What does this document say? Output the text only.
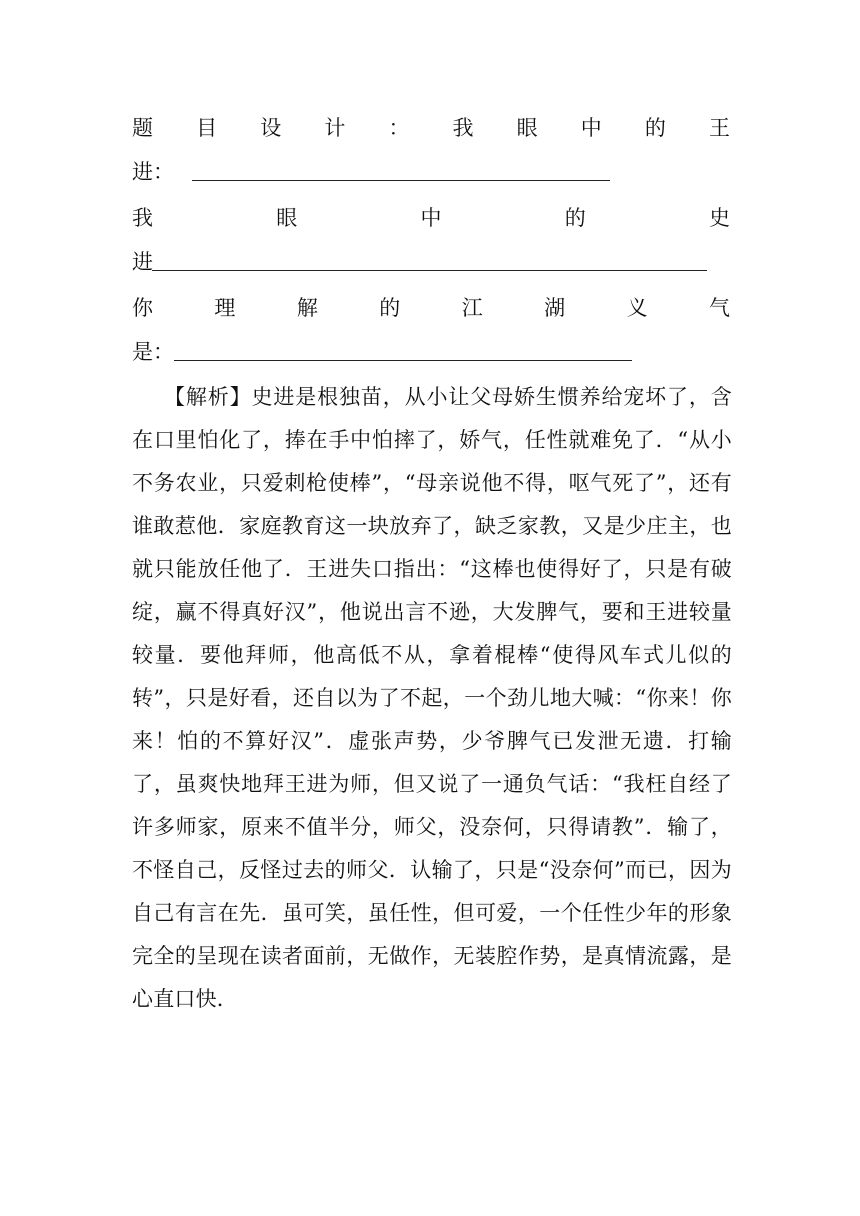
题 目 设 计 ： 我 眼 中 的 王
进：
我	眼	中	的	史
进
你	理	解	的	江	湖	义	气
是：
【解析】史进是根独苗，从小让父母娇生惯养给宠坏了，含在口里怕化了，捧在手中怕摔了，娇气，任性就难免了．“从小不务农业，只爱刺枪使棒”，“母亲说他不得，呕气死了”，还有谁敢惹他．家庭教育这一块放弃了，缺乏家教，又是少庄主，也就只能放任他了．王进失口指出：“这棒也使得好了，只是有破绽，赢不得真好汉”，他说出言不逊，大发脾气，要和王进较量较量．要他拜师，他高低不从，拿着棍棒“使得风车式儿似的转”，只是好看，还自以为了不起，一个劲儿地大喊：“你来！你来！怕的不算好汉”．虚张声势，少爷脾气已发泄无遗．打输了，虽爽快地拜王进为师，但又说了一通负气话：“我枉自经了许多师家，原来不值半分，师父，没奈何，只得请教”．输了，不怪自己，反怪过去的师父．认输了，只是“没奈何”而已，因为自己有言在先．虽可笑，虽任性，但可爱，一个任性少年的形象完全的呈现在读者面前，无做作，无装腔作势，是真情流露，是心直口快．
